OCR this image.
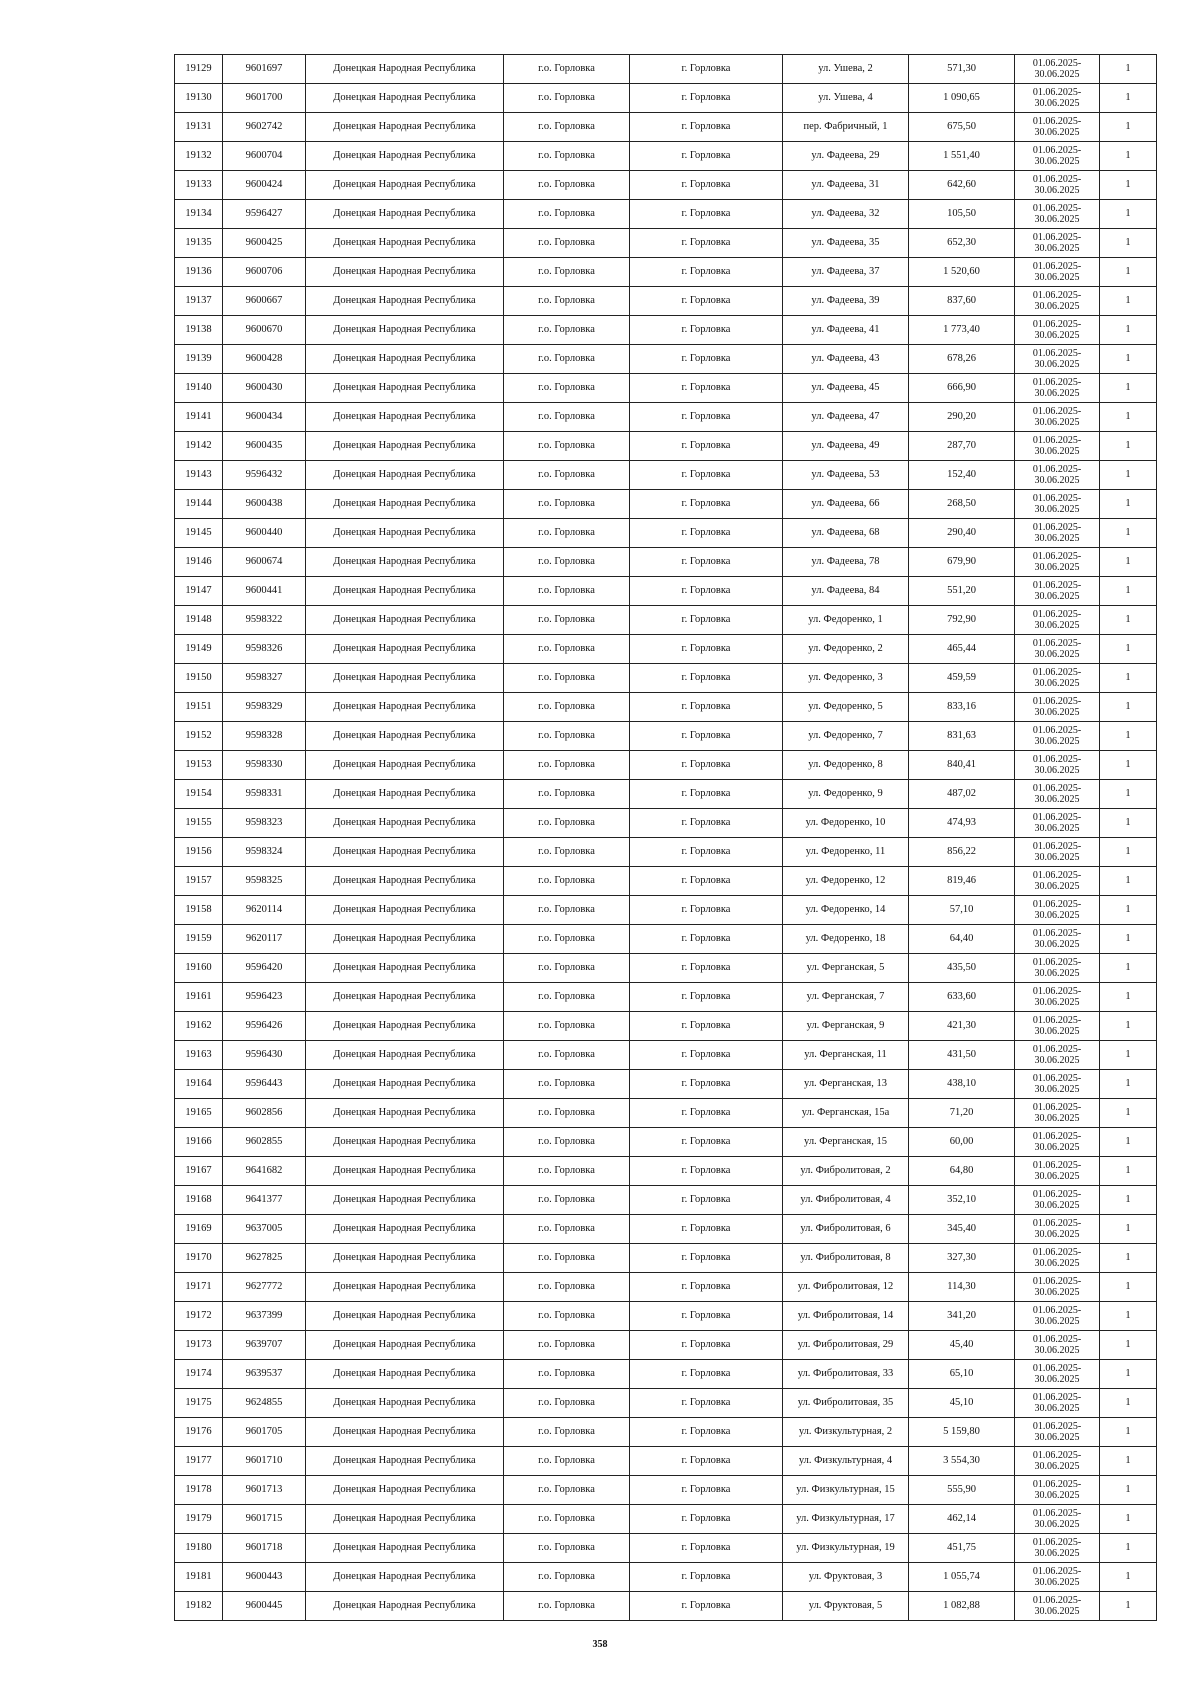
19129	9601697	Донецкая Народная Республика	г.о. Горловка	г. Горловка	ул. Ушева, 2	571,30	01.06.2025- 30.06.2025	1
19130	9601700	Донецкая Народная Республика	г.о. Горловка	г. Горловка	ул. Ушева, 4	1 090,65	01.06.2025- 30.06.2025	1
19131	9602742	Донецкая Народная Республика	г.о. Горловка	г. Горловка	пер. Фабричный, 1	675,50	01.06.2025- 30.06.2025	1
19132	9600704	Донецкая Народная Республика	г.о. Горловка	г. Горловка	ул. Фадеева, 29	1 551,40	01.06.2025- 30.06.2025	1
19133	9600424	Донецкая Народная Республика	г.о. Горловка	г. Горловка	ул. Фадеева, 31	642,60	01.06.2025- 30.06.2025	1
19134	9596427	Донецкая Народная Республика	г.о. Горловка	г. Горловка	ул. Фадеева, 32	105,50	01.06.2025- 30.06.2025	1
19135	9600425	Донецкая Народная Республика	г.о. Горловка	г. Горловка	ул. Фадеева, 35	652,30	01.06.2025- 30.06.2025	1
19136	9600706	Донецкая Народная Республика	г.о. Горловка	г. Горловка	ул. Фадеева, 37	1 520,60	01.06.2025- 30.06.2025	1
19137	9600667	Донецкая Народная Республика	г.о. Горловка	г. Горловка	ул. Фадеева, 39	837,60	01.06.2025- 30.06.2025	1
19138	9600670	Донецкая Народная Республика	г.о. Горловка	г. Горловка	ул. Фадеева, 41	1 773,40	01.06.2025- 30.06.2025	1
19139	9600428	Донецкая Народная Республика	г.о. Горловка	г. Горловка	ул. Фадеева, 43	678,26	01.06.2025- 30.06.2025	1
19140	9600430	Донецкая Народная Республика	г.о. Горловка	г. Горловка	ул. Фадеева, 45	666,90	01.06.2025- 30.06.2025	1
19141	9600434	Донецкая Народная Республика	г.о. Горловка	г. Горловка	ул. Фадеева, 47	290,20	01.06.2025- 30.06.2025	1
19142	9600435	Донецкая Народная Республика	г.о. Горловка	г. Горловка	ул. Фадеева, 49	287,70	01.06.2025- 30.06.2025	1
19143	9596432	Донецкая Народная Республика	г.о. Горловка	г. Горловка	ул. Фадеева, 53	152,40	01.06.2025- 30.06.2025	1
19144	9600438	Донецкая Народная Республика	г.о. Горловка	г. Горловка	ул. Фадеева, 66	268,50	01.06.2025- 30.06.2025	1
19145	9600440	Донецкая Народная Республика	г.о. Горловка	г. Горловка	ул. Фадеева, 68	290,40	01.06.2025- 30.06.2025	1
19146	9600674	Донецкая Народная Республика	г.о. Горловка	г. Горловка	ул. Фадеева, 78	679,90	01.06.2025- 30.06.2025	1
19147	9600441	Донецкая Народная Республика	г.о. Горловка	г. Горловка	ул. Фадеева, 84	551,20	01.06.2025- 30.06.2025	1
19148	9598322	Донецкая Народная Республика	г.о. Горловка	г. Горловка	ул. Федоренко, 1	792,90	01.06.2025- 30.06.2025	1
19149	9598326	Донецкая Народная Республика	г.о. Горловка	г. Горловка	ул. Федоренко, 2	465,44	01.06.2025- 30.06.2025	1
19150	9598327	Донецкая Народная Республика	г.о. Горловка	г. Горловка	ул. Федоренко, 3	459,59	01.06.2025- 30.06.2025	1
19151	9598329	Донецкая Народная Республика	г.о. Горловка	г. Горловка	ул. Федоренко, 5	833,16	01.06.2025- 30.06.2025	1
19152	9598328	Донецкая Народная Республика	г.о. Горловка	г. Горловка	ул. Федоренко, 7	831,63	01.06.2025- 30.06.2025	1
19153	9598330	Донецкая Народная Республика	г.о. Горловка	г. Горловка	ул. Федоренко, 8	840,41	01.06.2025- 30.06.2025	1
19154	9598331	Донецкая Народная Республика	г.о. Горловка	г. Горловка	ул. Федоренко, 9	487,02	01.06.2025- 30.06.2025	1
19155	9598323	Донецкая Народная Республика	г.о. Горловка	г. Горловка	ул. Федоренко, 10	474,93	01.06.2025- 30.06.2025	1
19156	9598324	Донецкая Народная Республика	г.о. Горловка	г. Горловка	ул. Федоренко, 11	856,22	01.06.2025- 30.06.2025	1
19157	9598325	Донецкая Народная Республика	г.о. Горловка	г. Горловка	ул. Федоренко, 12	819,46	01.06.2025- 30.06.2025	1
19158	9620114	Донецкая Народная Республика	г.о. Горловка	г. Горловка	ул. Федоренко, 14	57,10	01.06.2025- 30.06.2025	1
19159	9620117	Донецкая Народная Республика	г.о. Горловка	г. Горловка	ул. Федоренко, 18	64,40	01.06.2025- 30.06.2025	1
19160	9596420	Донецкая Народная Республика	г.о. Горловка	г. Горловка	ул. Ферганская, 5	435,50	01.06.2025- 30.06.2025	1
19161	9596423	Донецкая Народная Республика	г.о. Горловка	г. Горловка	ул. Ферганская, 7	633,60	01.06.2025- 30.06.2025	1
19162	9596426	Донецкая Народная Республика	г.о. Горловка	г. Горловка	ул. Ферганская, 9	421,30	01.06.2025- 30.06.2025	1
19163	9596430	Донецкая Народная Республика	г.о. Горловка	г. Горловка	ул. Ферганская, 11	431,50	01.06.2025- 30.06.2025	1
19164	9596443	Донецкая Народная Республика	г.о. Горловка	г. Горловка	ул. Ферганская, 13	438,10	01.06.2025- 30.06.2025	1
19165	9602856	Донецкая Народная Республика	г.о. Горловка	г. Горловка	ул. Ферганская, 15а	71,20	01.06.2025- 30.06.2025	1
19166	9602855	Донецкая Народная Республика	г.о. Горловка	г. Горловка	ул. Ферганская, 15	60,00	01.06.2025- 30.06.2025	1
19167	9641682	Донецкая Народная Республика	г.о. Горловка	г. Горловка	ул. Фибролитовая, 2	64,80	01.06.2025- 30.06.2025	1
19168	9641377	Донецкая Народная Республика	г.о. Горловка	г. Горловка	ул. Фибролитовая, 4	352,10	01.06.2025- 30.06.2025	1
19169	9637005	Донецкая Народная Республика	г.о. Горловка	г. Горловка	ул. Фибролитовая, 6	345,40	01.06.2025- 30.06.2025	1
19170	9627825	Донецкая Народная Республика	г.о. Горловка	г. Горловка	ул. Фибролитовая, 8	327,30	01.06.2025- 30.06.2025	1
19171	9627772	Донецкая Народная Республика	г.о. Горловка	г. Горловка	ул. Фибролитовая, 12	114,30	01.06.2025- 30.06.2025	1
19172	9637399	Донецкая Народная Республика	г.о. Горловка	г. Горловка	ул. Фибролитовая, 14	341,20	01.06.2025- 30.06.2025	1
19173	9639707	Донецкая Народная Республика	г.о. Горловка	г. Горловка	ул. Фибролитовая, 29	45,40	01.06.2025- 30.06.2025	1
19174	9639537	Донецкая Народная Республика	г.о. Горловка	г. Горловка	ул. Фибролитовая, 33	65,10	01.06.2025- 30.06.2025	1
19175	9624855	Донецкая Народная Республика	г.о. Горловка	г. Горловка	ул. Фибролитовая, 35	45,10	01.06.2025- 30.06.2025	1
19176	9601705	Донецкая Народная Республика	г.о. Горловка	г. Горловка	ул. Физкультурная, 2	5 159,80	01.06.2025- 30.06.2025	1
19177	9601710	Донецкая Народная Республика	г.о. Горловка	г. Горловка	ул. Физкультурная, 4	3 554,30	01.06.2025- 30.06.2025	1
19178	9601713	Донецкая Народная Республика	г.о. Горловка	г. Горловка	ул. Физкультурная, 15	555,90	01.06.2025- 30.06.2025	1
19179	9601715	Донецкая Народная Республика	г.о. Горловка	г. Горловка	ул. Физкультурная, 17	462,14	01.06.2025- 30.06.2025	1
19180	9601718	Донецкая Народная Республика	г.о. Горловка	г. Горловка	ул. Физкультурная, 19	451,75	01.06.2025- 30.06.2025	1
19181	9600443	Донецкая Народная Республика	г.о. Горловка	г. Горловка	ул. Фруктовая, 3	1 055,74	01.06.2025- 30.06.2025	1
19182	9600445	Донецкая Народная Республика	г.о. Горловка	г. Горловка	ул. Фруктовая, 5	1 082,88	01.06.2025- 30.06.2025	1
358
